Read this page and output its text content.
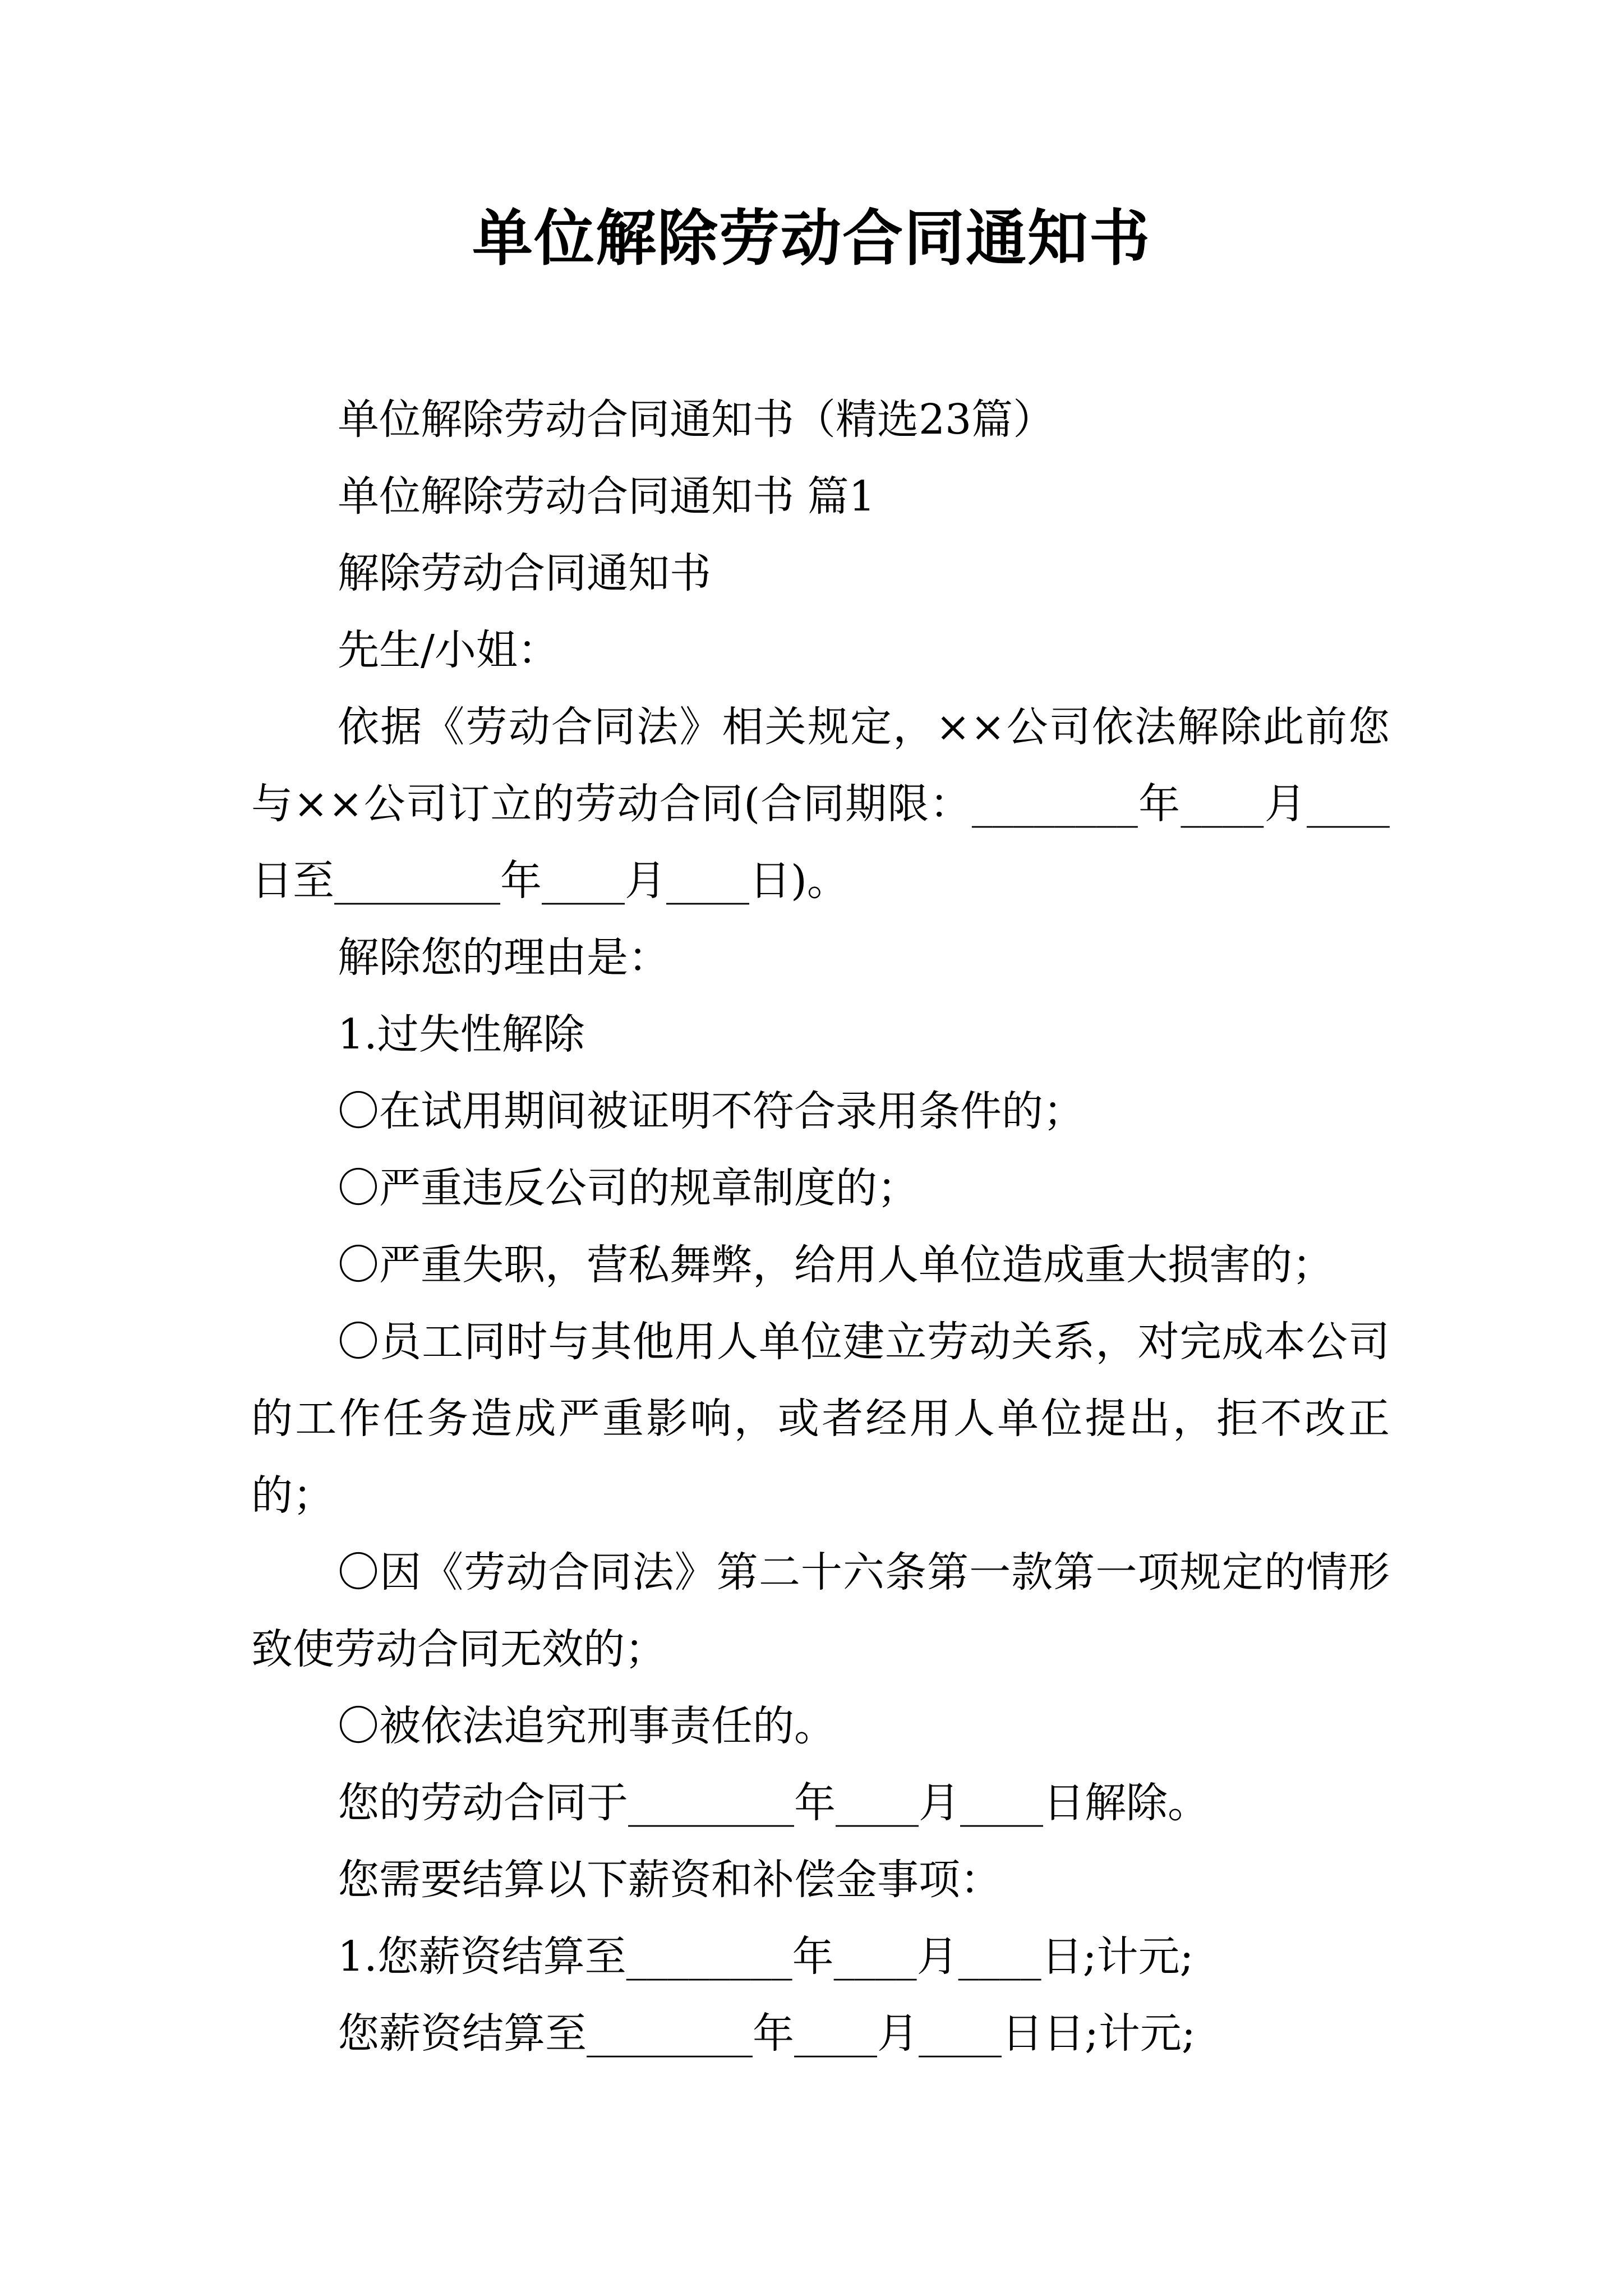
单位解除劳动合同通知书

单位解除劳动合同通知书（精选23篇）

单位解除劳动合同通知书 篇1

解除劳动合同通知书

先生/小姐：

依据《劳动合同法》相关规定，××公司依法解除此前您与××公司订立的劳动合同(合同期限：________年____月____日至________年____月____日)。

解除您的理由是：

1.过失性解除

〇在试用期间被证明不符合录用条件的；

〇严重违反公司的规章制度的；

〇严重失职，营私舞弊，给用人单位造成重大损害的；

〇员工同时与其他用人单位建立劳动关系，对完成本公司的工作任务造成严重影响，或者经用人单位提出，拒不改正的；

〇因《劳动合同法》第二十六条第一款第一项规定的情形致使劳动合同无效的；

〇被依法追究刑事责任的。

您的劳动合同于________年____月____日解除。

您需要结算以下薪资和补偿金事项：

1.您薪资结算至________年____月____日;计元;

您薪资结算至________年____月____日日;计元;
